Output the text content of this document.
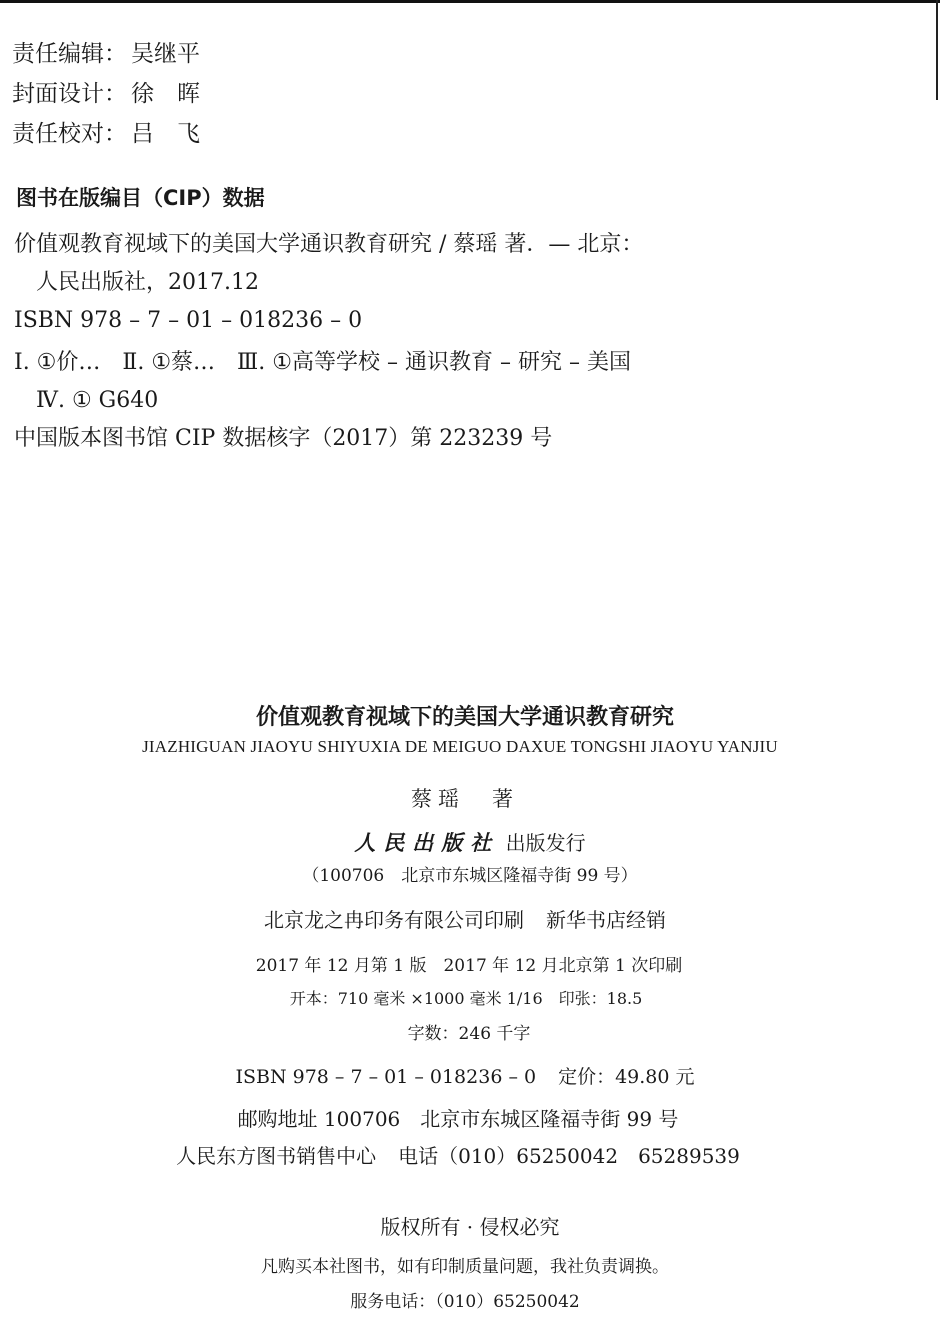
责任编辑： 吴继平
封面设计： 徐　晖
责任校对： 吕　飞
图书在版编目（CIP）数据
价值观教育视域下的美国大学通识教育研究 / 蔡瑶 著．— 北京：
人民出版社，2017.12
ISBN 978 – 7 – 01 – 018236 – 0
Ⅰ. ①价…　Ⅱ. ①蔡…　Ⅲ. ①高等学校 – 通识教育 – 研究 – 美国
Ⅳ. ① G640
中国版本图书馆 CIP 数据核字（2017）第 223239 号
价值观教育视域下的美国大学通识教育研究
JIAZHIGUAN JIAOYU SHIYUXIA DE MEIGUO DAXUE TONGSHI JIAOYU YANJIU
蔡瑶　著
人民出版社 出版发行
（100706　北京市东城区隆福寺街 99 号）
北京龙之冉印务有限公司印刷 新华书店经销
2017 年 12 月第 1 版　2017 年 12 月北京第 1 次印刷
开本：710 毫米 ×1000 毫米 1/16　印张：18.5
字数：246 千字
ISBN 978 – 7 – 01 – 018236 – 0 定价：49.80 元
邮购地址 100706　北京市东城区隆福寺街 99 号
人民东方图书销售中心 电话（010）65250042　65289539
版权所有 · 侵权必究
凡购买本社图书，如有印制质量问题，我社负责调换。
服务电话：（010）65250042
